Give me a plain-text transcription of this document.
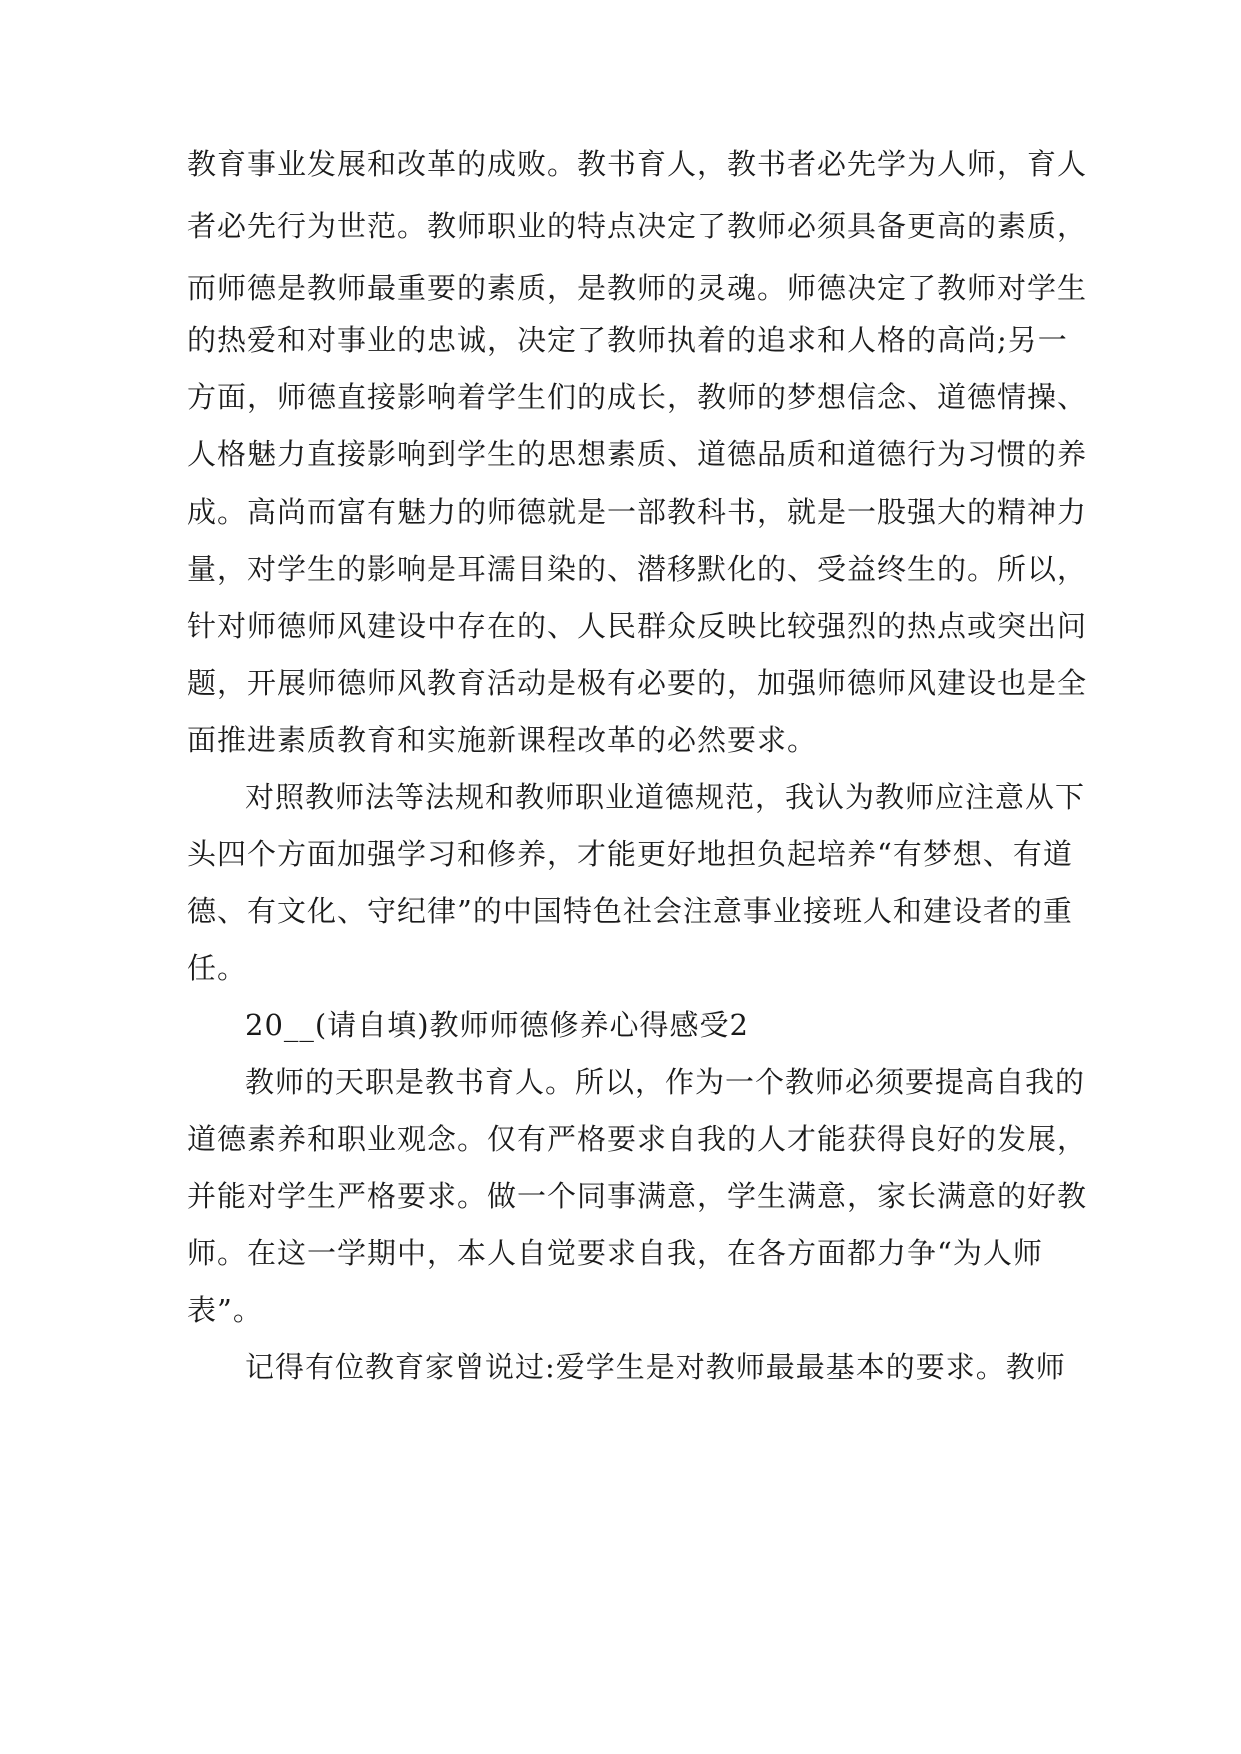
教育事业发展和改革的成败。教书育人，教书者必先学为人师，育人
者必先行为世范。教师职业的特点决定了教师必须具备更高的素质，
而师德是教师最重要的素质，是教师的灵魂。师德决定了教师对学生
的热爱和对事业的忠诚，决定了教师执着的追求和人格的高尚;另一
方面，师德直接影响着学生们的成长，教师的梦想信念、道德情操、
人格魅力直接影响到学生的思想素质、道德品质和道德行为习惯的养
成。高尚而富有魅力的师德就是一部教科书，就是一股强大的精神力
量，对学生的影响是耳濡目染的、潜移默化的、受益终生的。所以，
针对师德师风建设中存在的、人民群众反映比较强烈的热点或突出问
题，开展师德师风教育活动是极有必要的，加强师德师风建设也是全
面推进素质教育和实施新课程改革的必然要求。
对照教师法等法规和教师职业道德规范，我认为教师应注意从下
头四个方面加强学习和修养，才能更好地担负起培养“有梦想、有道
德、有文化、守纪律”的中国特色社会注意事业接班人和建设者的重
任。
20__(请自填)教师师德修养心得感受2
教师的天职是教书育人。所以，作为一个教师必须要提高自我的
道德素养和职业观念。仅有严格要求自我的人才能获得良好的发展，
并能对学生严格要求。做一个同事满意，学生满意，家长满意的好教
师。在这一学期中，本人自觉要求自我，在各方面都力争“为人师
表”。
记得有位教育家曾说过:爱学生是对教师最最基本的要求。教师
